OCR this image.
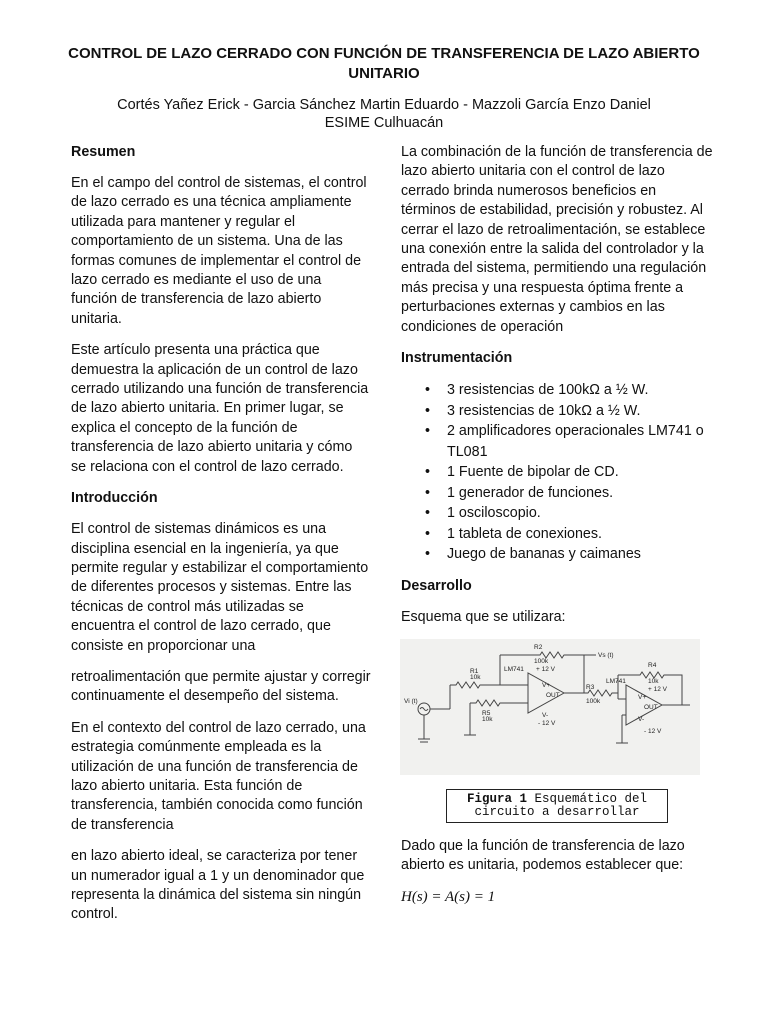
CONTROL DE LAZO CERRADO CON FUNCIÓN DE TRANSFERENCIA DE LAZO ABIERTO UNITARIO
Cortés Yañez Erick - Garcia Sánchez Martin Eduardo - Mazzoli García Enzo Daniel
ESIME Culhuacán
Resumen

En el campo del control de sistemas, el control de lazo cerrado es una técnica ampliamente utilizada para mantener y regular el comportamiento de un sistema. Una de las formas comunes de implementar el control de lazo cerrado es mediante el uso de una función de transferencia de lazo abierto unitaria.

Este artículo presenta una práctica que demuestra la aplicación de un control de lazo cerrado utilizando una función de transferencia de lazo abierto unitaria. En primer lugar, se explica el concepto de la función de transferencia de lazo abierto unitaria y cómo se relaciona con el control de lazo cerrado.

Introducción

El control de sistemas dinámicos es una disciplina esencial en la ingeniería, ya que permite regular y estabilizar el comportamiento de diferentes procesos y sistemas. Entre las técnicas de control más utilizadas se encuentra el control de lazo cerrado, que consiste en proporcionar una

retroalimentación que permite ajustar y corregir continuamente el desempeño del sistema.

En el contexto del control de lazo cerrado, una estrategia comúnmente empleada es la utilización de una función de transferencia de lazo abierto unitaria. Esta función de transferencia, también conocida como función de transferencia

en lazo abierto ideal, se caracteriza por tener un numerador igual a 1 y un denominador que representa la dinámica del sistema sin ningún control.

La combinación de la función de transferencia de lazo abierto unitaria con el control de lazo cerrado brinda numerosos beneficios en términos de estabilidad, precisión y robustez. Al cerrar el lazo de retroalimentación, se establece una conexión entre la salida del controlador y la entrada del sistema, permitiendo una regulación más precisa y una respuesta óptima frente a perturbaciones externas y cambios en las condiciones de operación

Instrumentación
• 3 resistencias de 100kΩ a ½ W.
• 3 resistencias de 10kΩ a ½ W.
• 2 amplificadores operacionales LM741 o TL081
• 1 Fuente de bipolar de CD.
• 1 generador de funciones.
• 1 osciloscopio.
• 1 tableta de conexiones.
• Juego de bananas y caimanes
Desarrollo

Esquema que se utilizara:

R2
100k
Vs (t)
R1
10k
LM741 + 12 V
V+
OUT
V-
- 12 V
Vi (t)
R5
10k
R3
100k
R4
10k
LM741
+ 12 V
V+
OUT
V-
- 12 V
Figura 1 Esquemático del circuito a desarrollar

Dado que la función de transferencia de lazo abierto es unitaria, podemos establecer que:

H(s) = A(s) = 1
